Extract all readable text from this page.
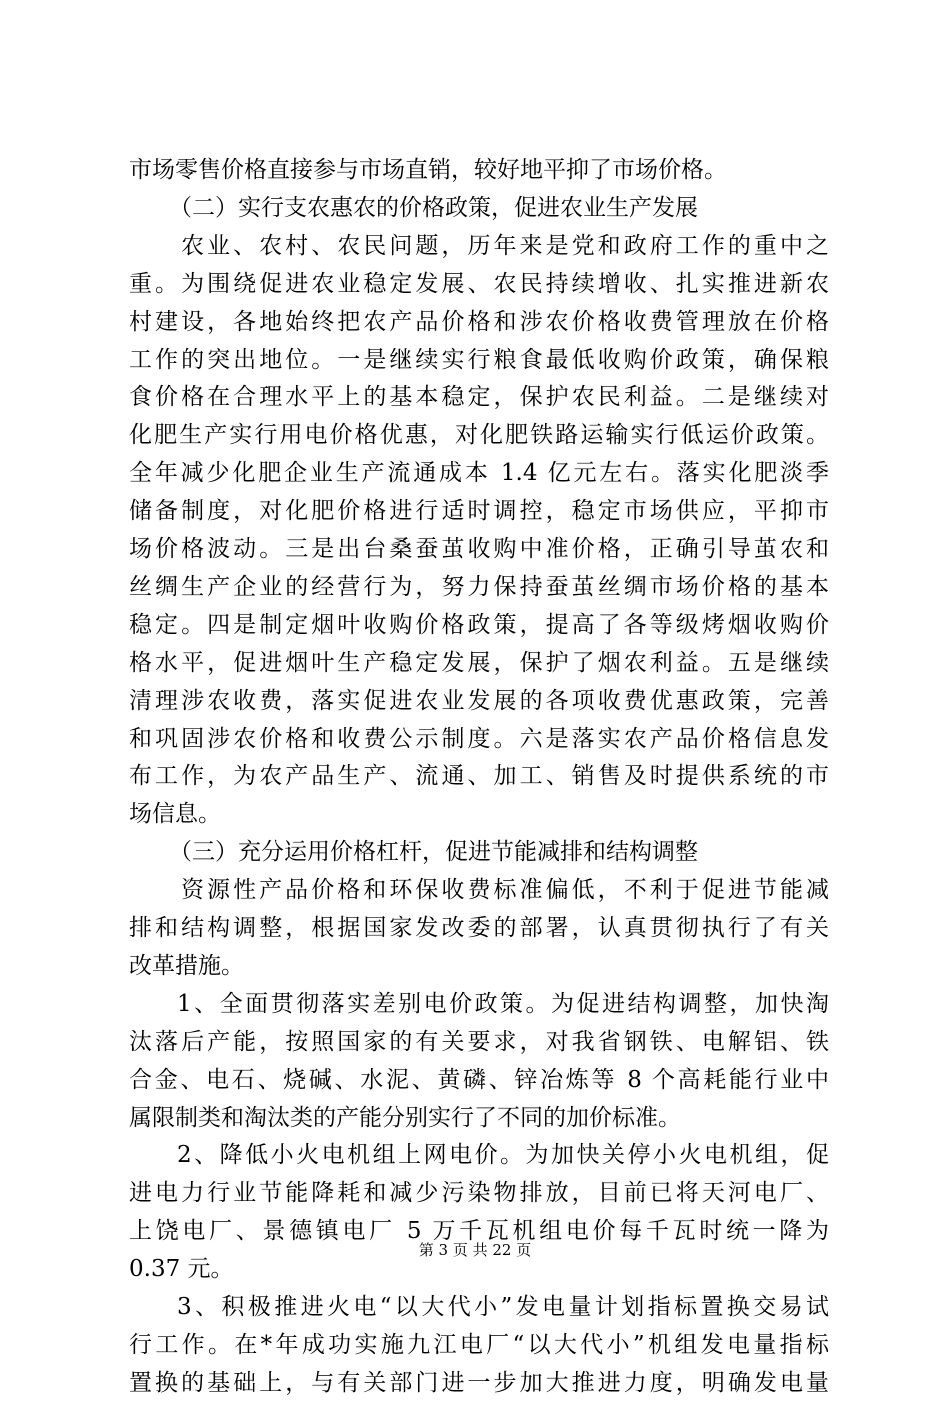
市场零售价格直接参与市场直销，较好地平抑了市场价格。
（二）实行支农惠农的价格政策，促进农业生产发展
农业、农村、农民问题，历年来是党和政府工作的重中之
重。为围绕促进农业稳定发展、农民持续增收、扎实推进新农
村建设，各地始终把农产品价格和涉农价格收费管理放在价格
工作的突出地位。一是继续实行粮食最低收购价政策，确保粮
食价格在合理水平上的基本稳定，保护农民利益。二是继续对
化肥生产实行用电价格优惠，对化肥铁路运输实行低运价政策。
全年减少化肥企业生产流通成本 1.4 亿元左右。落实化肥淡季
储备制度，对化肥价格进行适时调控，稳定市场供应，平抑市
场价格波动。三是出台桑蚕茧收购中准价格，正确引导茧农和
丝绸生产企业的经营行为，努力保持蚕茧丝绸市场价格的基本
稳定。四是制定烟叶收购价格政策，提高了各等级烤烟收购价
格水平，促进烟叶生产稳定发展，保护了烟农利益。五是继续
清理涉农收费，落实促进农业发展的各项收费优惠政策，完善
和巩固涉农价格和收费公示制度。六是落实农产品价格信息发
布工作，为农产品生产、流通、加工、销售及时提供系统的市
场信息。
（三）充分运用价格杠杆，促进节能减排和结构调整
资源性产品价格和环保收费标准偏低，不利于促进节能减
排和结构调整，根据国家发改委的部署，认真贯彻执行了有关
改革措施。
1、全面贯彻落实差别电价政策。为促进结构调整，加快淘
汰落后产能，按照国家的有关要求，对我省钢铁、电解铝、铁
合金、电石、烧碱、水泥、黄磷、锌冶炼等 8 个高耗能行业中
属限制类和淘汰类的产能分别实行了不同的加价标准。
2、降低小火电机组上网电价。为加快关停小火电机组，促
进电力行业节能降耗和减少污染物排放，目前已将天河电厂、
上饶电厂、景德镇电厂 5 万千瓦机组电价每千瓦时统一降为
0.37 元。
3、积极推进火电“以大代小”发电量计划指标置换交易试
行工作。在*年成功实施九江电厂“以大代小”机组发电量指标
置换的基础上，与有关部门进一步加大推进力度，明确发电量
第 3 页 共 22 页
